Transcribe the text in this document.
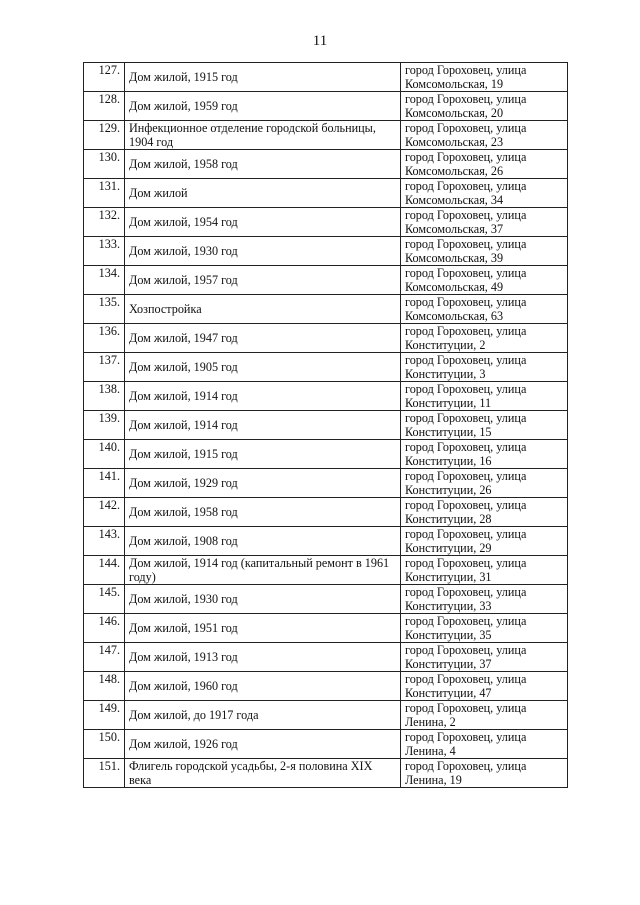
11
127.	Дом жилой, 1915 год	город Гороховец, улица Комсомольская, 19
128.	Дом жилой, 1959 год	город Гороховец, улица Комсомольская, 20
129.	Инфекционное отделение городской больницы, 1904 год	город Гороховец, улица Комсомольская, 23
130.	Дом жилой, 1958 год	город Гороховец, улица Комсомольская, 26
131.	Дом жилой	город Гороховец, улица Комсомольская, 34
132.	Дом жилой, 1954 год	город Гороховец, улица Комсомольская, 37
133.	Дом жилой, 1930 год	город Гороховец, улица Комсомольская, 39
134.	Дом жилой, 1957 год	город Гороховец, улица Комсомольская, 49
135.	Хозпостройка	город Гороховец, улица Комсомольская, 63
136.	Дом жилой, 1947 год	город Гороховец, улица Конституции, 2
137.	Дом жилой, 1905 год	город Гороховец, улица Конституции, 3
138.	Дом жилой, 1914 год	город Гороховец, улица Конституции, 11
139.	Дом жилой, 1914 год	город Гороховец, улица Конституции, 15
140.	Дом жилой, 1915 год	город Гороховец, улица Конституции, 16
141.	Дом жилой, 1929 год	город Гороховец, улица Конституции, 26
142.	Дом жилой, 1958 год	город Гороховец, улица Конституции, 28
143.	Дом жилой, 1908 год	город Гороховец, улица Конституции, 29
144.	Дом жилой, 1914 год (капитальный ремонт в 1961 году)	город Гороховец, улица Конституции, 31
145.	Дом жилой, 1930 год	город Гороховец, улица Конституции, 33
146.	Дом жилой, 1951 год	город Гороховец, улица Конституции, 35
147.	Дом жилой, 1913 год	город Гороховец, улица Конституции, 37
148.	Дом жилой, 1960 год	город Гороховец, улица Конституции, 47
149.	Дом жилой, до 1917 года	город Гороховец, улица Ленина, 2
150.	Дом жилой, 1926 год	город Гороховец, улица Ленина, 4
151.	Флигель городской усадьбы, 2-я половина XIX века	город Гороховец, улица Ленина, 19
